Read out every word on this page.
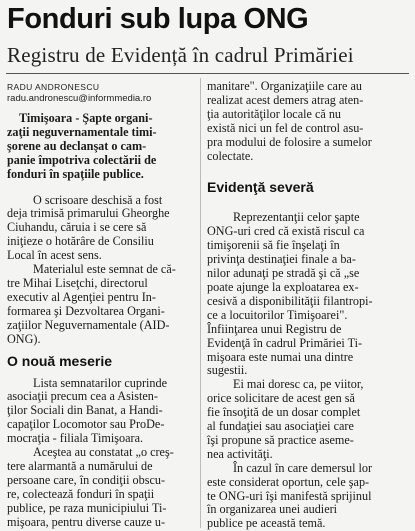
Fonduri sub lupa ONG
Registru de Evidență în cadrul Primăriei
RADU ANDRONESCU
radu.andronescu@informmedia.ro

Timişoara - Şapte organi-
zaţii neguvernamentale timi-
şorene au declanşat o cam-
panie împotriva colectării de
fonduri în spaţiile publice.

O scrisoare deschisă a fost
deja trimisă primarului Gheorghe
Ciuhandu, căruia i se cere să
iniţieze o hotărâre de Consiliu
Local în acest sens.

Materialul este semnat de că-
tre Mihai Liseţchi, directorul
executiv al Agenţiei pentru In-
formarea şi Dezvoltarea Organi-
zaţiilor Neguvernamentale (AID-
ONG).

O nouă meserie

Lista semnatarilor cuprinde
asociaţii precum cea a Asisten-
ţilor Sociali din Banat, a Handi-
capaţilor Locomotor sau ProDe-
mocraţia - filiala Timişoara.

Aceştea au constatat „o creş-
tere alarmantă a numărului de
persoane care, în condiţii obscu-
re, colectează fonduri în spaţii
publice, pe raza municipiului Ti-
mişoara, pentru diverse cauze u-

manitare". Organizaţiile care au
realizat acest demers atrag aten-
ţia autorităţilor locale că nu
există nici un fel de control asu-
pra modului de folosire a sumelor
colectate.

Evidenţă severă

Reprezentanţii celor şapte
ONG-uri cred că există riscul ca
timişorenii să fie înşelaţi în
privinţa destinaţiei finale a ba-
nilor adunaţi pe stradă şi că „se
poate ajunge la exploatarea ex-
cesivă a disponibilităţii filantropi-
ce a locuitorilor Timişoarei".
Înfiinţarea unui Registru de
Evidenţă în cadrul Primăriei Ti-
mişoara este numai una dintre
sugestii.

Ei mai doresc ca, pe viitor,
orice solicitare de acest gen să
fie însoţită de un dosar complet
al fundaţiei sau asociaţiei care
îşi propune să practice aseme-
nea activităţi.

În cazul în care demersul lor
este considerat oportun, cele şap-
te ONG-uri îşi manifestă sprijinul
în organizarea unei audieri
publice pe această temă.
